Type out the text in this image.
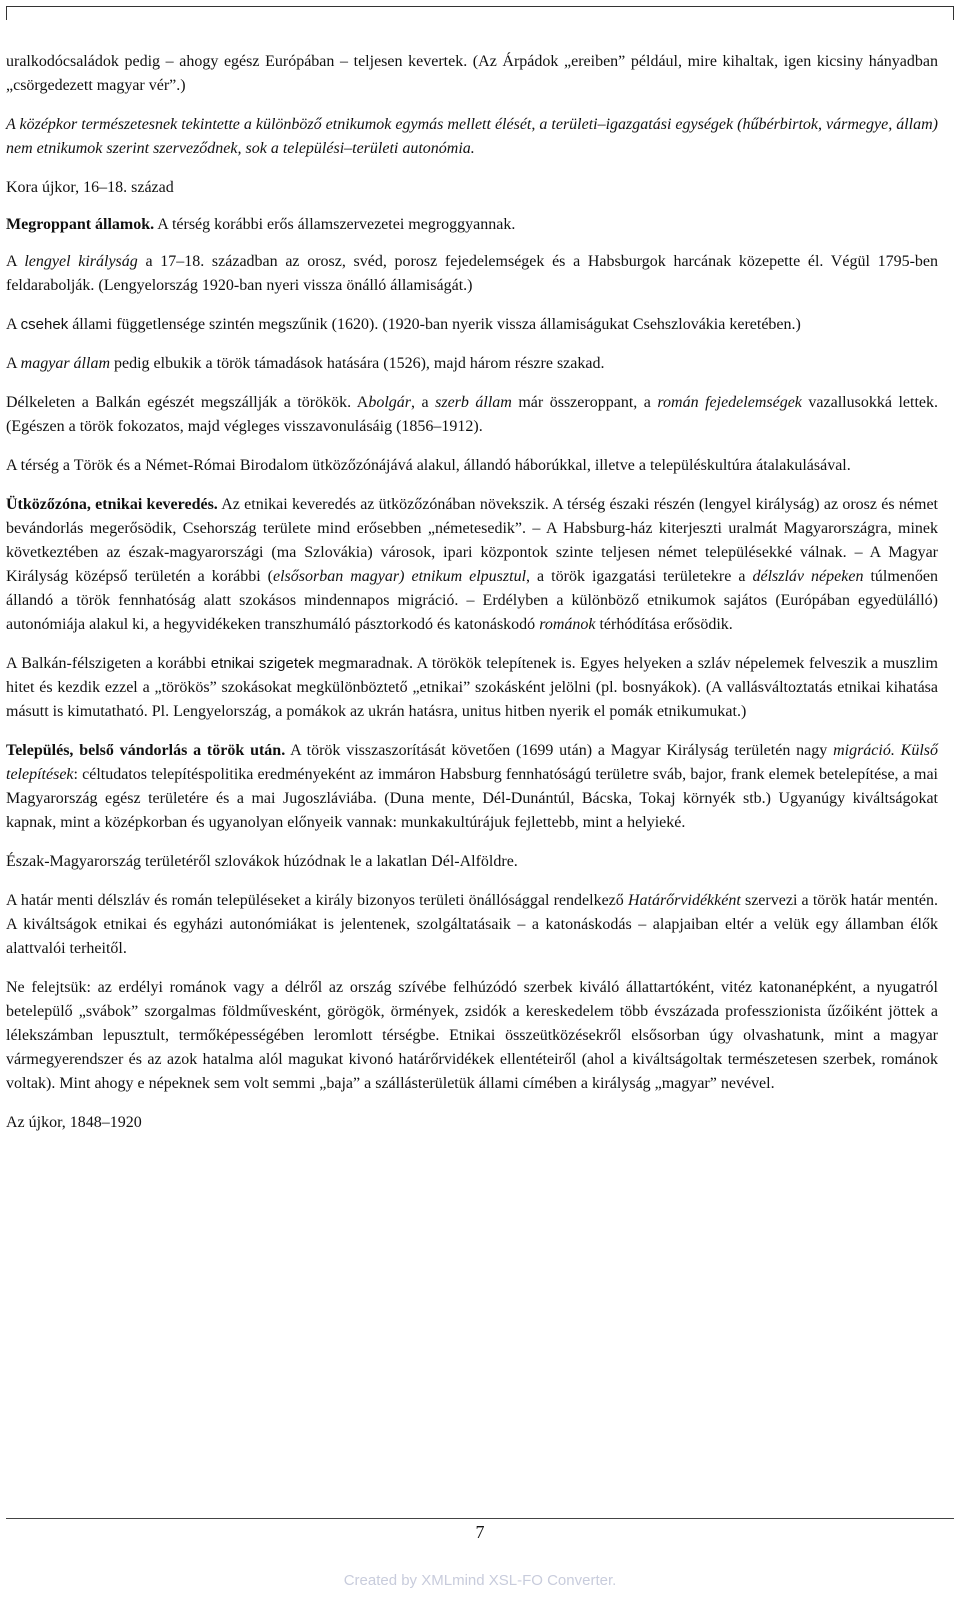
uralkodócsaládok pedig – ahogy egész Európában – teljesen kevertek. (Az Árpádok „ereiben” például, mire kihaltak, igen kicsiny hányadban „csörgedezett magyar vér”.)

A középkor természetesnek tekintette a különböző etnikumok egymás mellett élését, a területi–igazgatási egységek (hűbérbirtok, vármegye, állam) nem etnikumok szerint szerveződnek, sok a települési–területi autonómia.

Kora újkor, 16–18. század

Megroppant államok. A térség korábbi erős államszervezetei megroggyannak.

A lengyel királyság a 17–18. században az orosz, svéd, porosz fejedelemségek és a Habsburgok harcának közepette él. Végül 1795-ben feldarabolják. (Lengyelország 1920-ban nyeri vissza önálló államiságát.)

A csehek állami függetlensége szintén megszűnik (1620). (1920-ban nyerik vissza államiságukat Csehszlovákia keretében.)

A magyar állam pedig elbukik a török támadások hatására (1526), majd három részre szakad.

Délkeleten a Balkán egészét megszállják a törökök. Abolgár, a szerb állam már összeroppant, a román fejedelemségek vazallusokká lettek. (Egészen a török fokozatos, majd végleges visszavonulásáig (1856–1912).

A térség a Török és a Német-Római Birodalom ütközőzónájává alakul, állandó háborúkkal, illetve a településkultúra átalakulásával.

Ütközőzóna, etnikai keveredés. Az etnikai keveredés az ütközőzónában növekszik. A térség északi részén (lengyel királyság) az orosz és német bevándorlás megerősödik, Csehország területe mind erősebben „németesedik”. – A Habsburg-ház kiterjeszti uralmát Magyarországra, minek következtében az észak-magyarországi (ma Szlovákia) városok, ipari központok szinte teljesen német településekké válnak. – A Magyar Királyság középső területén a korábbi (elsősorban magyar) etnikum elpusztul, a török igazgatási területekre a délszláv népeken túlmenően állandó a török fennhatóság alatt szokásos mindennapos migráció. – Erdélyben a különböző etnikumok sajátos (Európában egyedülálló) autonómiája alakul ki, a hegyvidékeken transzhumáló pásztorkodó és katonáskodó románok térhódítása erősödik.

A Balkán-félszigeten a korábbi etnikai szigetek megmaradnak. A törökök telepítenek is. Egyes helyeken a szláv népelemek felveszik a muszlim hitet és kezdik ezzel a „törökös” szokásokat megkülönböztető „etnikai” szokásként jelölni (pl. bosnyákok). (A vallásváltoztatás etnikai kihatása másutt is kimutatható. Pl. Lengyelország, a pomákok az ukrán hatásra, unitus hitben nyerik el pomák etnikumukat.)

Település, belső vándorlás a török után. A török visszaszorítását követően (1699 után) a Magyar Királyság területén nagy migráció. Külső telepítések: céltudatos telepítéspolitika eredményeként az immáron Habsburg fennhatóságú területre sváb, bajor, frank elemek betelepítése, a mai Magyarország egész területére és a mai Jugoszláviába. (Duna mente, Dél-Dunántúl, Bácska, Tokaj környék stb.) Ugyanúgy kiváltságokat kapnak, mint a középkorban és ugyanolyan előnyeik vannak: munkakultúrájuk fejlettebb, mint a helyieké.

Észak-Magyarország területéről szlovákok húzódnak le a lakatlan Dél-Alföldre.

A határ menti délszláv és román településeket a király bizonyos területi önállósággal rendelkező Határőrvidékként szervezi a török határ mentén. A kiváltságok etnikai és egyházi autonómiákat is jelentenek, szolgáltatásaik – a katonáskodás – alapjaiban eltér a velük egy államban élők alattvalói terheitől.

Ne felejtsük: az erdélyi románok vagy a délről az ország szívébe felhúzódó szerbek kiváló állattartóként, vitéz katonanépként, a nyugatról betelepülő „svábok” szorgalmas földművesként, görögök, örmények, zsidók a kereskedelem több évszázada professzionista űzőiként jöttek a lélekszámban lepusztult, termőképességében leromlott térségbe. Etnikai összeütközésekről elsősorban úgy olvashatunk, mint a magyar vármegyerendszer és az azok hatalma alól magukat kivonó határőrvidékek ellentéteiről (ahol a kiváltságoltak természetesen szerbek, románok voltak). Mint ahogy e népeknek sem volt semmi „baja” a szállásterületük állami címében a királyság „magyar” nevével.

Az újkor, 1848–1920

7
Created by XMLmind XSL-FO Converter.
